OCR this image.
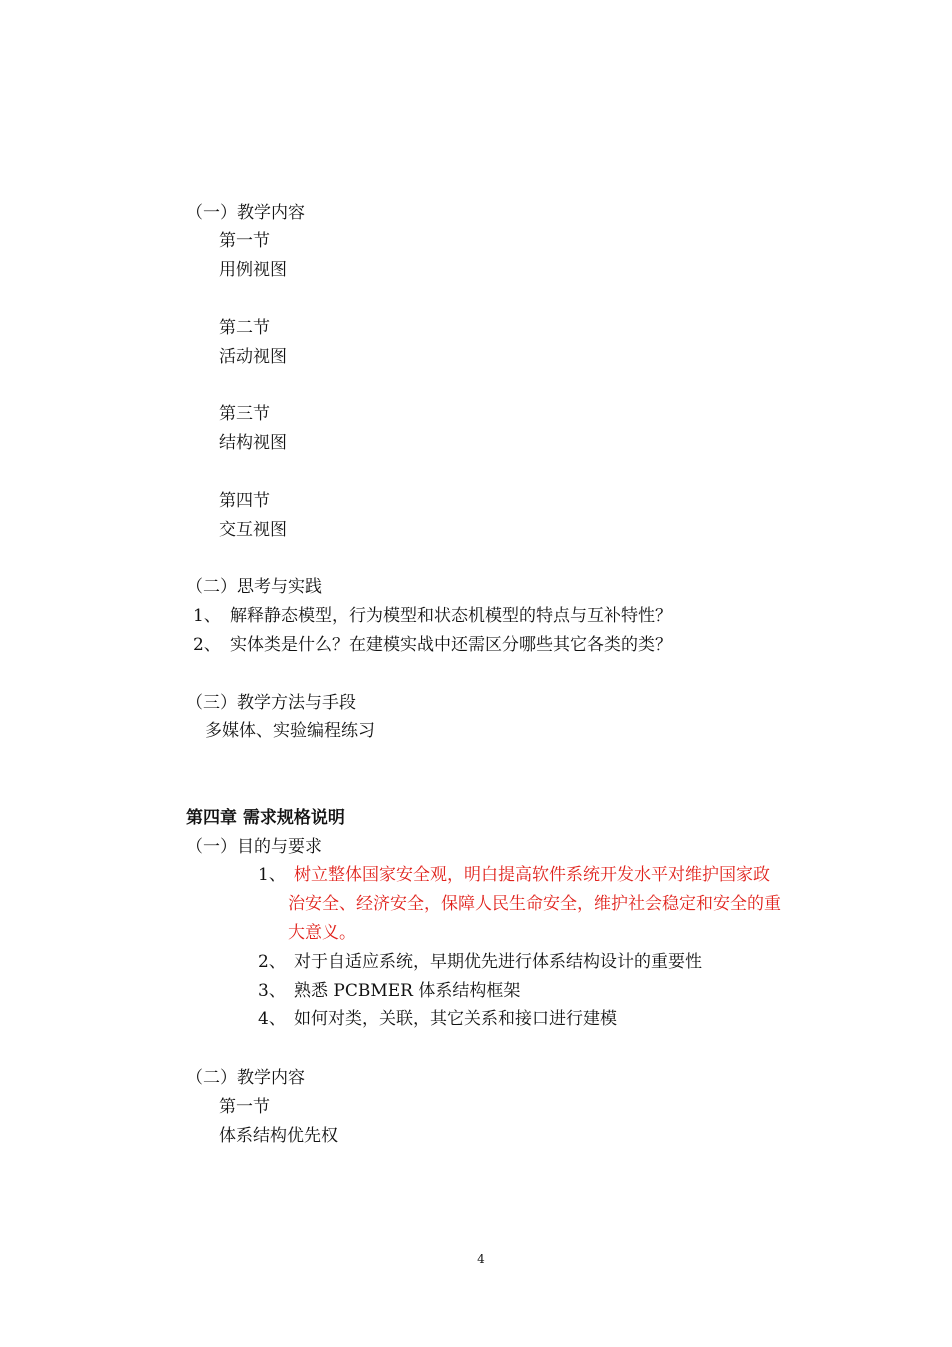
（一）教学内容
第一节
用例视图
第二节
活动视图
第三节
结构视图
第四节
交互视图
（二）思考与实践
1、 解释静态模型，行为模型和状态机模型的特点与互补特性？
2、 实体类是什么？在建模实战中还需区分哪些其它各类的类？
（三）教学方法与手段
多媒体、实验编程练习
第四章 需求规格说明
（一）目的与要求
1、 树立整体国家安全观，明白提高软件系统开发水平对维护国家政
治安全、经济安全，保障人民生命安全，维护社会稳定和安全的重
大意义。
2、 对于自适应系统，早期优先进行体系结构设计的重要性
3、 熟悉 PCBMER 体系结构框架
4、 如何对类，关联，其它关系和接口进行建模
（二）教学内容
第一节
体系结构优先权
4
